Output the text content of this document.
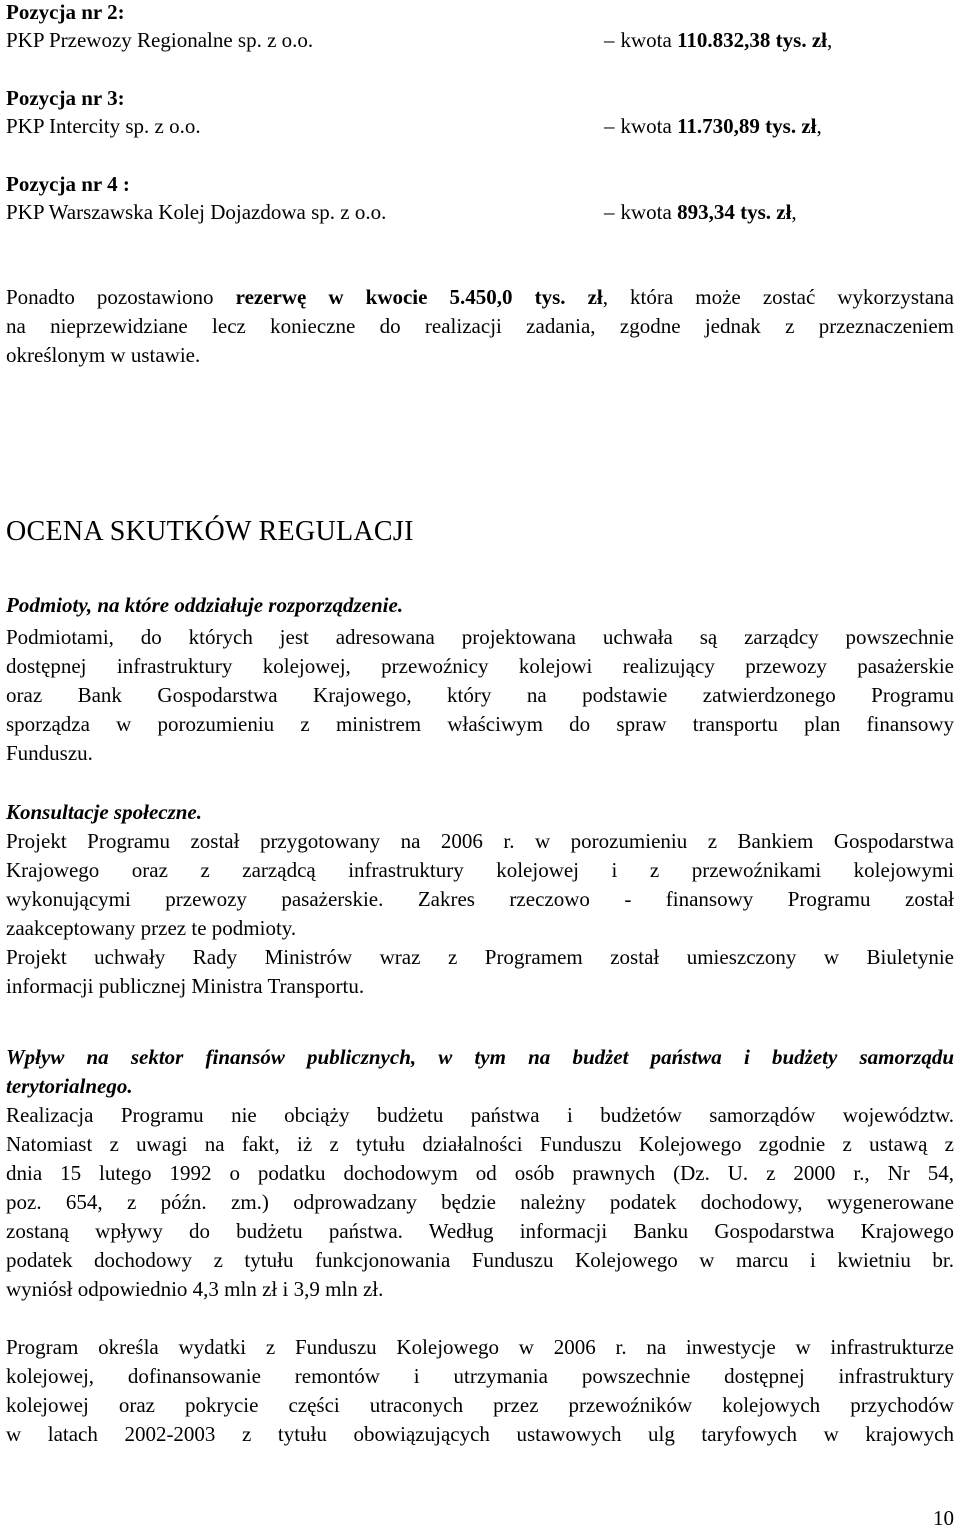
Pozycja nr 2:
PKP Przewozy Regionalne sp. z o.o.	– kwota 110.832,38 tys. zł,
Pozycja nr 3:
PKP Intercity sp. z o.o.	– kwota 11.730,89 tys. zł,
Pozycja nr 4 :
PKP Warszawska Kolej Dojazdowa sp. z o.o.	– kwota 893,34 tys. zł,
Ponadto pozostawiono rezerwę w kwocie 5.450,0 tys. zł, która może zostać wykorzystana
na nieprzewidziane lecz konieczne do realizacji zadania, zgodne jednak z przeznaczeniem
określonym w ustawie.
OCENA SKUTKÓW REGULACJI
Podmioty, na które oddziałuje rozporządzenie.
Podmiotami, do których jest adresowana projektowana uchwała są zarządcy powszechnie
dostępnej infrastruktury kolejowej, przewoźnicy kolejowi realizujący przewozy pasażerskie
oraz Bank Gospodarstwa Krajowego, który na podstawie zatwierdzonego Programu
sporządza w porozumieniu z ministrem właściwym do spraw transportu plan finansowy
Funduszu.
Konsultacje społeczne.
Projekt Programu został przygotowany na 2006 r. w porozumieniu z Bankiem Gospodarstwa
Krajowego oraz z zarządcą infrastruktury kolejowej i z przewoźnikami kolejowymi
wykonującymi przewozy pasażerskie. Zakres rzeczowo - finansowy Programu został
zaakceptowany przez te podmioty.
Projekt uchwały Rady Ministrów wraz z Programem został umieszczony w Biuletynie
informacji publicznej Ministra Transportu.
Wpływ na sektor finansów publicznych, w tym na budżet państwa i budżety samorządu
terytorialnego.
Realizacja Programu nie obciąży budżetu państwa i budżetów samorządów województw.
Natomiast z uwagi na fakt, iż z tytułu działalności Funduszu Kolejowego zgodnie z ustawą z
dnia 15 lutego 1992 o podatku dochodowym od osób prawnych (Dz. U. z 2000 r., Nr 54,
poz. 654, z późn. zm.) odprowadzany będzie należny podatek dochodowy, wygenerowane
zostaną wpływy do budżetu państwa. Według informacji Banku Gospodarstwa Krajowego
podatek dochodowy z tytułu funkcjonowania Funduszu Kolejowego w marcu i kwietniu br.
wyniósł odpowiednio 4,3 mln zł i 3,9 mln zł.
Program określa wydatki z Funduszu Kolejowego w 2006 r. na inwestycje w infrastrukturze
kolejowej, dofinansowanie remontów i utrzymania powszechnie dostępnej infrastruktury
kolejowej oraz pokrycie części utraconych przez przewoźników kolejowych przychodów
w latach 2002-2003 z tytułu obowiązujących ustawowych ulg taryfowych w krajowych
10
